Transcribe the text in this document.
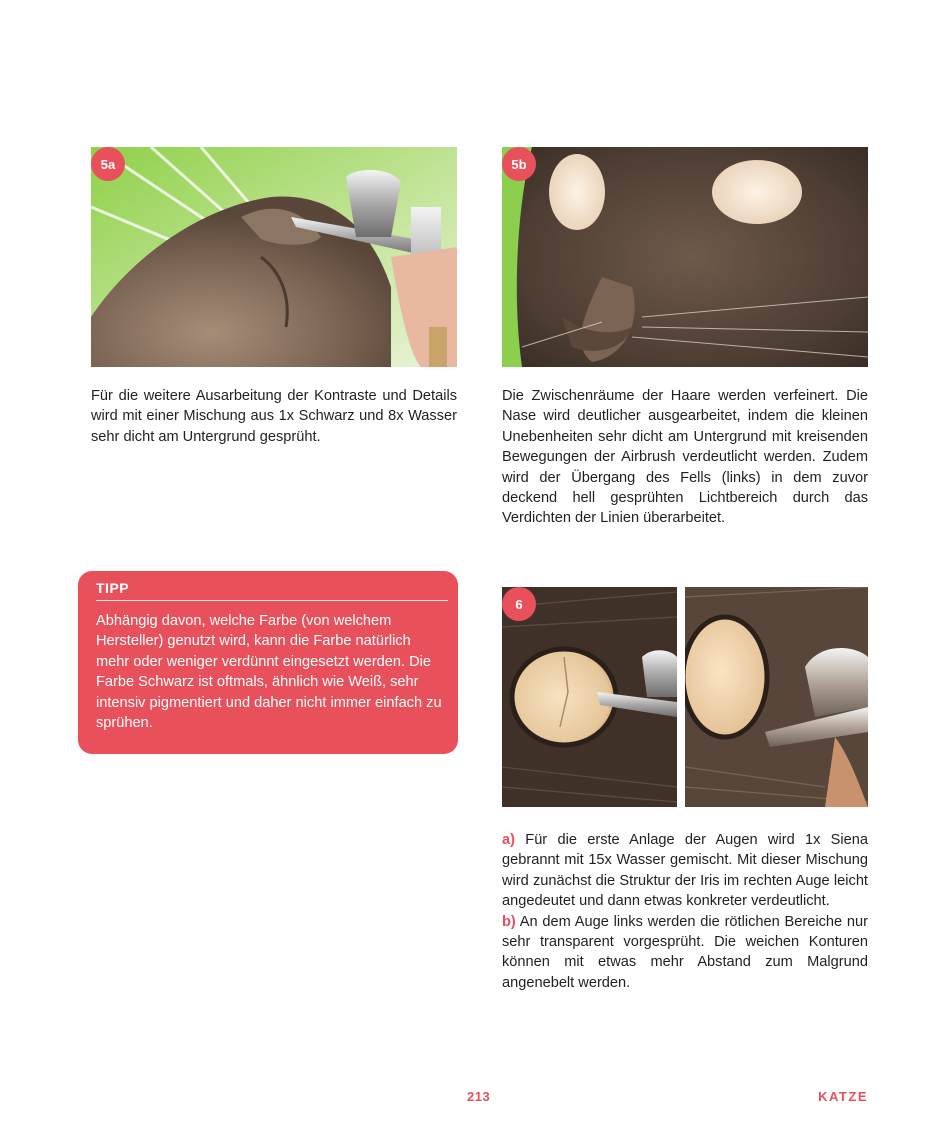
5a	5b

Für die weitere Ausarbeitung der Kontraste und Details wird mit einer Mischung aus 1x Schwarz und 8x Wasser sehr dicht am Untergrund gesprüht.

Die Zwischenräume der Haare werden verfeinert. Die Nase wird deutlicher ausgearbeitet, indem die kleinen Unebenheiten sehr dicht am Untergrund mit kreisenden Bewegungen der Airbrush verdeutlicht werden. Zudem wird der Übergang des Fells (links) in dem zuvor deckend hell gesprühten Lichtbereich durch das Verdichten der Linien überarbeitet.

TIPP

Abhängig davon, welche Farbe (von welchem Hersteller) genutzt wird, kann die Farbe natürlich mehr oder weniger verdünnt eingesetzt werden. Die Farbe Schwarz ist oftmals, ähnlich wie Weiß, sehr intensiv pigmentiert und daher nicht immer einfach zu sprühen.

6

a) Für die erste Anlage der Augen wird 1x Siena gebrannt mit 15x Wasser gemischt. Mit dieser Mischung wird zunächst die Struktur der Iris im rechten Auge leicht angedeutet und dann etwas konkreter verdeutlicht.
b) An dem Auge links werden die rötlichen Bereiche nur sehr transparent vorgesprüht. Die weichen Konturen können mit etwas mehr Abstand zum Malgrund angenebelt werden.

213	KATZE
